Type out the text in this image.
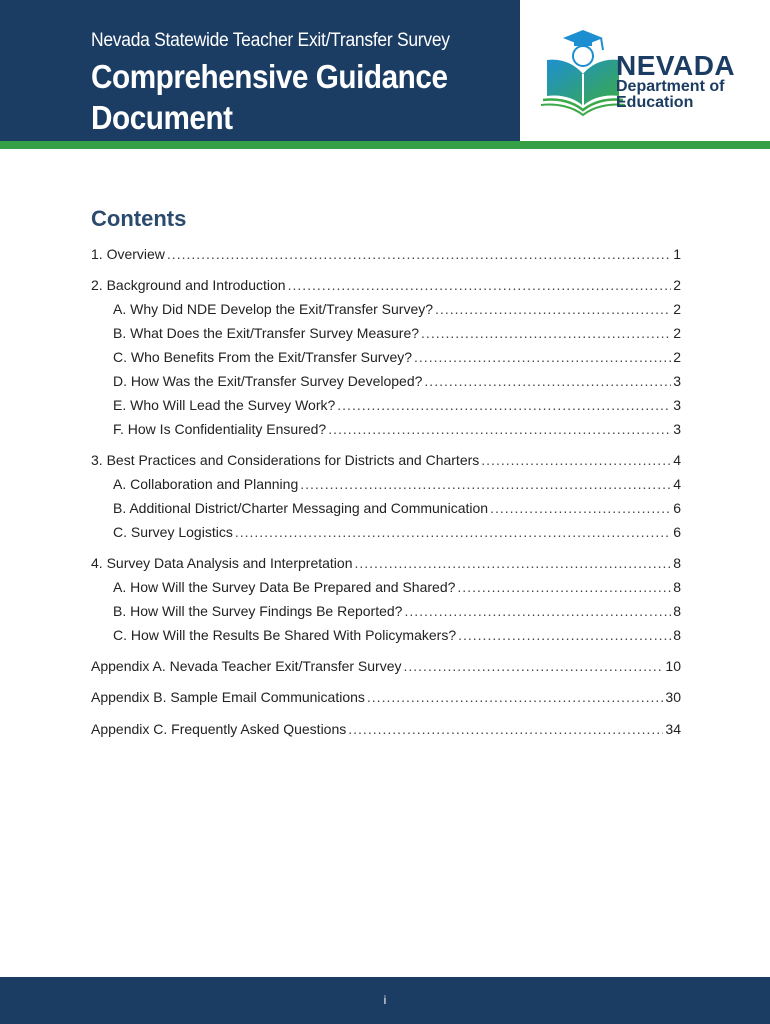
Nevada Statewide Teacher Exit/Transfer Survey
Comprehensive Guidance
Document
NEVADA
Department of
Education
Contents
1. Overview .....	1
2. Background and Introduction .....	2
A. Why Did NDE Develop the Exit/Transfer Survey? .....	2
B. What Does the Exit/Transfer Survey Measure? .....	2
C. Who Benefits From the Exit/Transfer Survey? .....	2
D. How Was the Exit/Transfer Survey Developed? .....	3
E. Who Will Lead the Survey Work? .....	3
F. How Is Confidentiality Ensured? .....	3
3. Best Practices and Considerations for Districts and Charters .....	4
A. Collaboration and Planning .....	4
B. Additional District/Charter Messaging and Communication .....	6
C. Survey Logistics .....	6
4. Survey Data Analysis and Interpretation .....	8
A. How Will the Survey Data Be Prepared and Shared? .....	8
B. How Will the Survey Findings Be Reported? .....	8
C. How Will the Results Be Shared With Policymakers? .....	8
Appendix A. Nevada Teacher Exit/Transfer Survey .....	10
Appendix B. Sample Email Communications .....	30
Appendix C. Frequently Asked Questions .....	34
i
